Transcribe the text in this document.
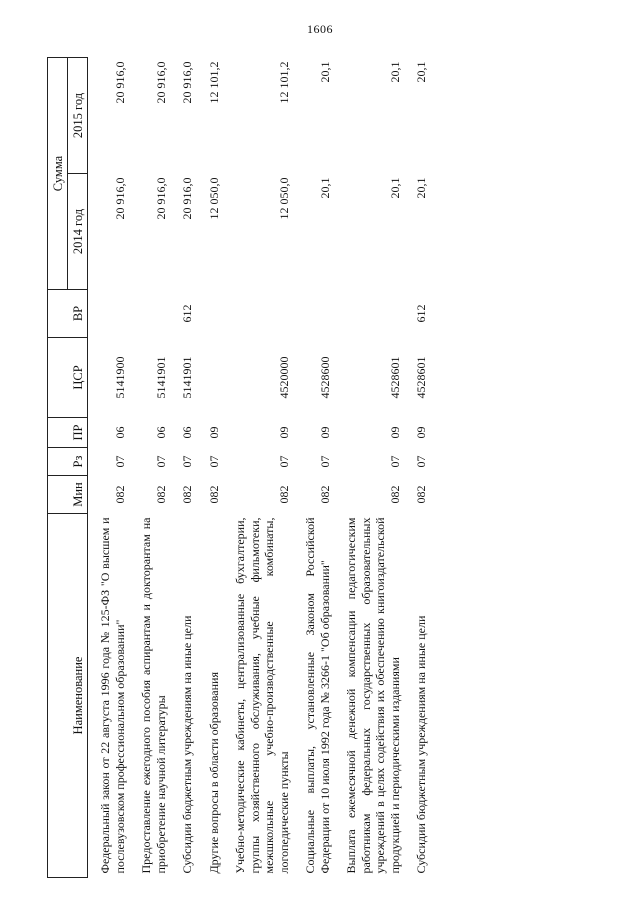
1606
Наименование	Мин	Рз	ПР	ЦСР	ВР	Сумма	
						2014 год	2015 год
Федеральный закон от 22 августа 1996 года № 125-ФЗ "О высшем и послевузовском профессиональном образовании"	082	07	06	5141900		20 916,0	20 916,0
Предоставление ежегодного пособия аспирантам и докторантам на приобретение научной литературы	082	07	06	5141901		20 916,0	20 916,0
Субсидии бюджетным учреждениям на иные цели	082	07	06	5141901	612	20 916,0	20 916,0
Другие вопросы в области образования	082	07	09			12 050,0	12 101,2
Учебно-методические кабинеты, централизованные бухгалтерии, группы хозяйственного обслуживания, учебные фильмотеки, межшкольные учебно-производственные комбинаты, логопедические пункты	082	07	09	4520000		12 050,0	12 101,2
Социальные выплаты, установленные Законом Российской Федерации от 10 июля 1992 года № 3266-1 "Об образовании"	082	07	09	4528600		20,1	20,1
Выплата ежемесячной денежной компенсации педагогическим работникам федеральных государственных образовательных учреждений в целях содействия их обеспечению книгоиздательской продукцией и периодическими изданиями	082	07	09	4528601		20,1	20,1
Субсидии бюджетным учреждениям на иные цели	082	07	09	4528601	612	20,1	20,1
